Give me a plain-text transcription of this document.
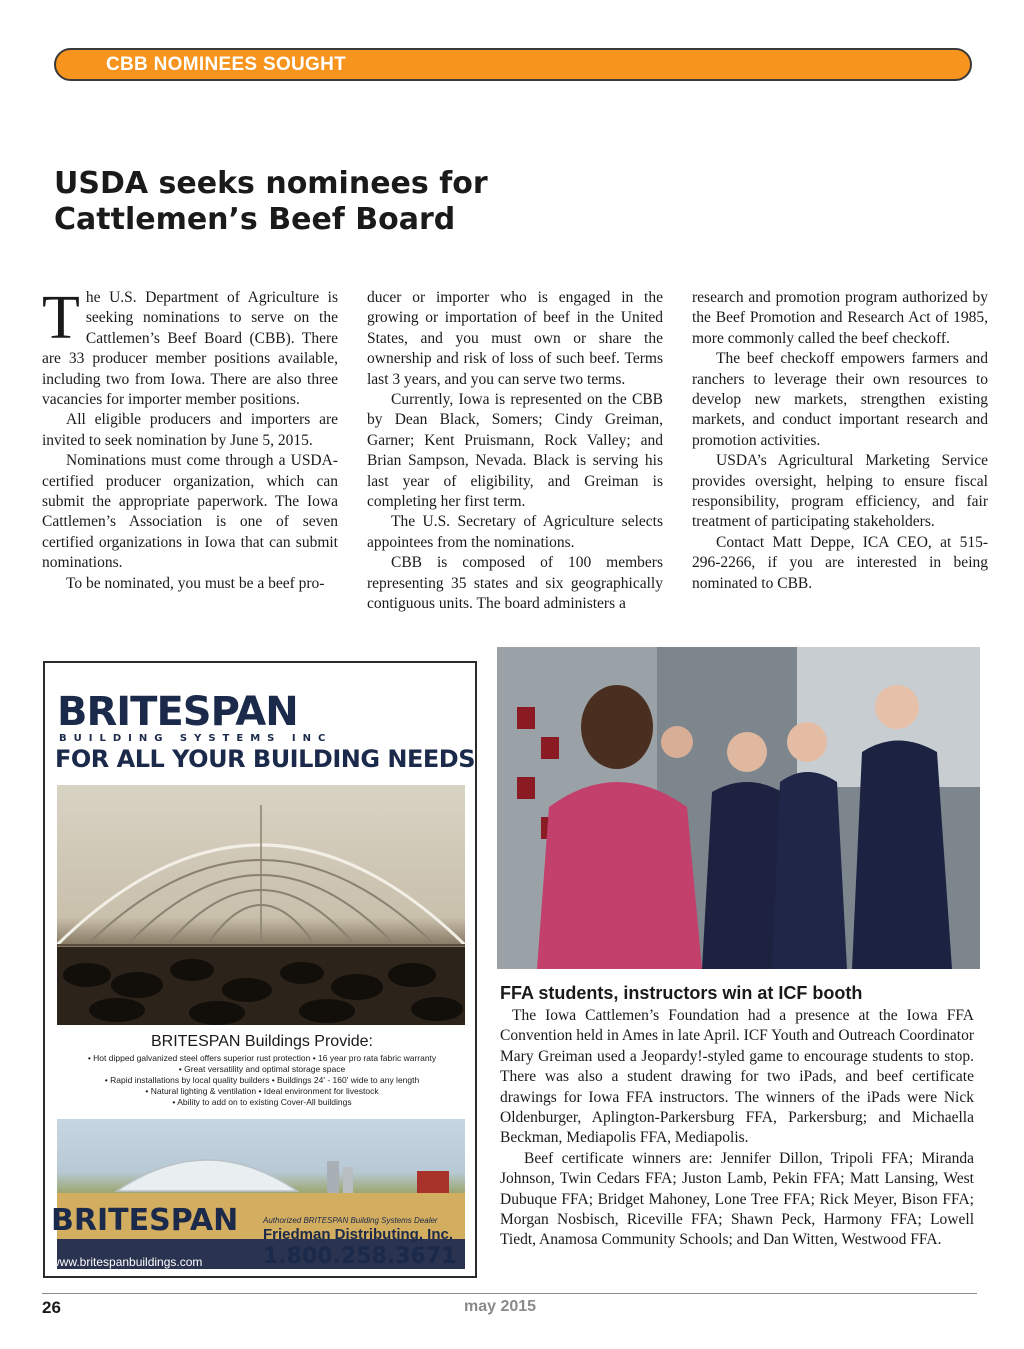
CBB NOMINEES SOUGHT
USDA seeks nominees for
Cattlemen’s Beef Board

The U.S. Department of Agriculture is seeking nominations to serve on the Cattlemen’s Beef Board (CBB). There are 33 producer member positions available, including two from Iowa. There are also three vacancies for importer member positions.

All eligible producers and importers are invited to seek nomination by June 5, 2015.

Nominations must come through a USDA-certified producer organization, which can submit the appropriate paperwork. The Iowa Cattlemen’s Association is one of seven certified organizations in Iowa that can submit nominations.

To be nominated, you must be a beef pro-

ducer or importer who is engaged in the growing or importation of beef in the United States, and you must own or share the ownership and risk of loss of such beef. Terms last 3 years, and you can serve two terms.

Currently, Iowa is represented on the CBB by Dean Black, Somers; Cindy Greiman, Garner; Kent Pruismann, Rock Valley; and Brian Sampson, Nevada. Black is serving his last year of eligibility, and Greiman is completing her first term.

The U.S. Secretary of Agriculture selects appointees from the nominations.

CBB is composed of 100 members representing 35 states and six geographically contiguous units. The board administers a

research and promotion program authorized by the Beef Promotion and Research Act of 1985, more commonly called the beef checkoff.

The beef checkoff empowers farmers and ranchers to leverage their own resources to develop new markets, strengthen existing markets, and conduct important research and promotion activities.

USDA’s Agricultural Marketing Service provides oversight, helping to ensure fiscal responsibility, program efficiency, and fair treatment of participating stakeholders.

Contact Matt Deppe, ICA CEO, at 515-296-2266, if you are interested in being nominated to CBB.

BRITESPAN
BUILDING SYSTEMS INC
FOR ALL YOUR BUILDING NEEDS
BRITESPAN Buildings Provide:
• Hot dipped galvanized steel offers superior rust protection • 16 year pro rata fabric warranty
• Great versatility and optimal storage space
• Rapid installations by local quality builders • Buildings 24' - 160' wide to any length
• Natural lighting & ventilation • Ideal environment for livestock
• Ability to add on to existing Cover-All buildings
BRITESPAN	Authorized BRITESPAN Building Systems Dealer
Friedman Distributing, Inc.
www.britespanbuildings.com	1.800.258.3671
FFA students, instructors win at ICF booth

The Iowa Cattlemen’s Foundation had a presence at the Iowa FFA Convention held in Ames in late April. ICF Youth and Outreach Coordinator Mary Greiman used a Jeopardy!-styled game to encourage students to stop. There was also a student drawing for two iPads, and beef certificate drawings for Iowa FFA instructors. The winners of the iPads were Nick Oldenburger, Aplington-Parkersburg FFA, Parkersburg; and Michaella Beckman, Mediapolis FFA, Mediapolis.

Beef certificate winners are: Jennifer Dillon, Tripoli FFA; Miranda Johnson, Twin Cedars FFA; Juston Lamb, Pekin FFA; Matt Lansing, West Dubuque FFA; Bridget Mahoney, Lone Tree FFA; Rick Meyer, Bison FFA; Morgan Nosbisch, Riceville FFA; Shawn Peck, Harmony FFA; Lowell Tiedt, Anamosa Community Schools; and Dan Witten, Westwood FFA.

26	may 2015
